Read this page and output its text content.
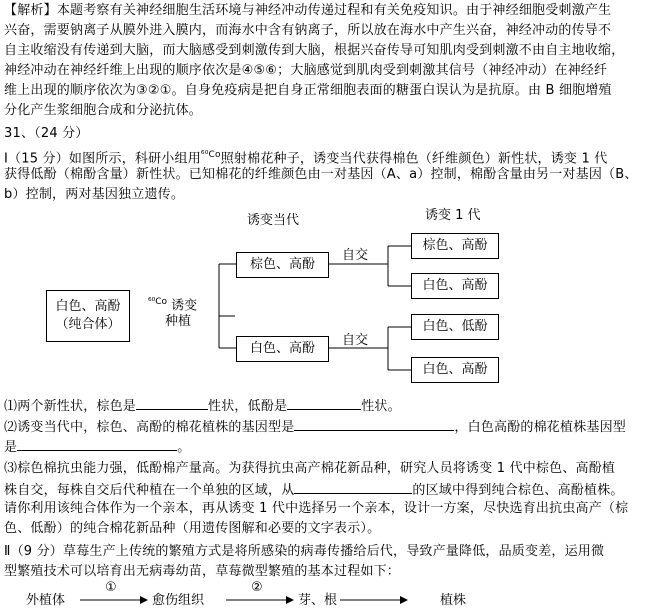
【解析】本题考察有关神经细胞生活环境与神经冲动传递过程和有关免疫知识。由于神经细胞受刺激产生
兴奋，需要钠离子从膜外进入膜内，而海水中含有钠离子，所以放在海水中产生兴奋，神经冲动的传导不
自主收缩没有传递到大脑，而大脑感受到刺激传到大脑，根据兴奋传导可知肌肉受到刺激不由自主地收缩，
神经冲动在神经纤维上出现的顺序依次是④⑤⑥；大脑感觉到肌肉受到刺激其信号（神经冲动）在神经纤
维上出现的顺序依次为③②①。自身免疫病是把自身正常细胞表面的糖蛋白误认为是抗原。由 B 细胞增殖
分化产生浆细胞合成和分泌抗体。
31、（24 分）
Ⅰ（15 分）如图所示，科研小组用$^{^{60}Co}$照射棉花种子，诱变当代获得棉色（纤维颜色）新性状，诱变 1 代
获得低酚（棉酚含量）新性状。已知棉花的纤维颜色由一对基因（A、a）控制，棉酚含量由另一对基因（B、
b）控制，两对基因独立遗传。
诱变当代	诱变 1 代
白色、高酚
（纯合体）
$^{^{60}Co}$ 诱变
种植
棕色、高酚
白色、高酚
自交
自交
棕色、高酚
白色、高酚
白色、低酚
白色、高酚
⑴两个新性状，棕色是	性状，低酚是	性状。
⑵诱变当代中，棕色、高酚的棉花植株的基因型是	，白色高酚的棉花植株基因型
是	。
⑶棕色棉抗虫能力强，低酚棉产量高。为获得抗虫高产棉花新品种，研究人员将诱变 1 代中棕色、高酚植
株自交，每株自交后代种植在一个单独的区域，从	的区域中得到纯合棕色、高酚植株。
请你利用该纯合体作为一个亲本，再从诱变 1 代中选择另一个亲本，设计一方案，尽快选育出抗虫高产（棕
色、低酚）的纯合棉花新品种（用遗传图解和必要的文字表示）。
Ⅱ（9 分）草莓生产上传统的繁殖方式是将所感染的病毒传播给后代，导致产量降低，品质变差，运用微
型繁殖技术可以培育出无病毒幼苗，草莓微型繁殖的基本过程如下：
外植体
①
愈伤组织
②
芽、根	植株
